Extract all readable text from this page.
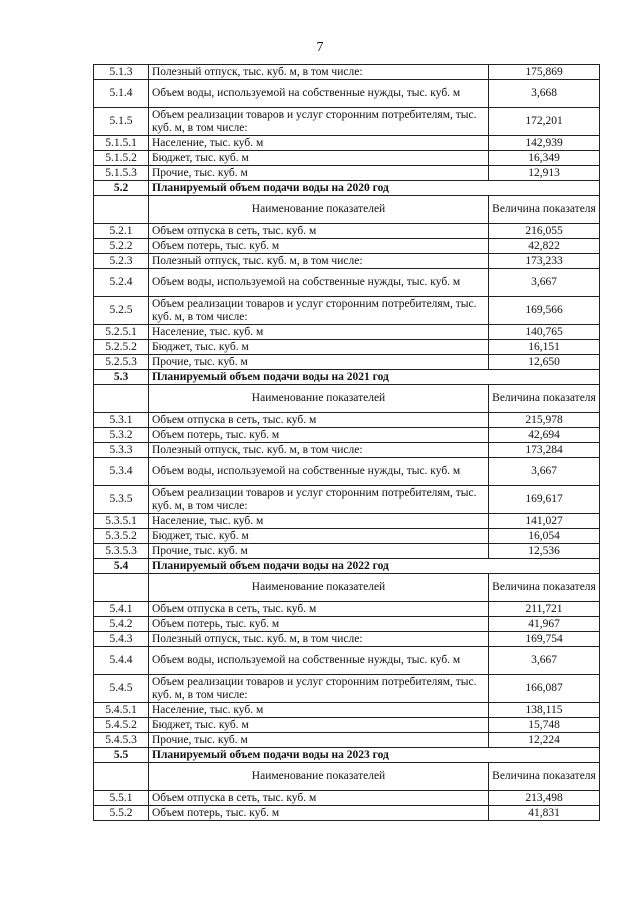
7
5.1.3	Полезный отпуск, тыс. куб. м, в том числе:	175,869
5.1.4	Объем воды, используемой на собственные нужды, тыс. куб. м	3,668
5.1.5	Объем реализации товаров и услуг сторонним потребителям, тыс. куб. м, в том числе:	172,201
5.1.5.1	Население, тыс. куб. м	142,939
5.1.5.2	Бюджет, тыс. куб. м	16,349
5.1.5.3	Прочие, тыс. куб. м	12,913
5.2	Планируемый объем подачи воды на 2020 год	
	Наименование показателей	Величина показателя
5.2.1	Объем отпуска в сеть, тыс. куб. м	216,055
5.2.2	Объем потерь, тыс. куб. м	42,822
5.2.3	Полезный отпуск, тыс. куб. м, в том числе:	173,233
5.2.4	Объем воды, используемой на собственные нужды, тыс. куб. м	3,667
5.2.5	Объем реализации товаров и услуг сторонним потребителям, тыс. куб. м, в том числе:	169,566
5.2.5.1	Население, тыс. куб. м	140,765
5.2.5.2	Бюджет, тыс. куб. м	16,151
5.2.5.3	Прочие, тыс. куб. м	12,650
5.3	Планируемый объем подачи воды на 2021 год	
	Наименование показателей	Величина показателя
5.3.1	Объем отпуска в сеть, тыс. куб. м	215,978
5.3.2	Объем потерь, тыс. куб. м	42,694
5.3.3	Полезный отпуск, тыс. куб. м, в том числе:	173,284
5.3.4	Объем воды, используемой на собственные нужды, тыс. куб. м	3,667
5.3.5	Объем реализации товаров и услуг сторонним потребителям, тыс. куб. м, в том числе:	169,617
5.3.5.1	Население, тыс. куб. м	141,027
5.3.5.2	Бюджет, тыс. куб. м	16,054
5.3.5.3	Прочие, тыс. куб. м	12,536
5.4	Планируемый объем подачи воды на 2022 год	
	Наименование показателей	Величина показателя
5.4.1	Объем отпуска в сеть, тыс. куб. м	211,721
5.4.2	Объем потерь, тыс. куб. м	41,967
5.4.3	Полезный отпуск, тыс. куб. м, в том числе:	169,754
5.4.4	Объем воды, используемой на собственные нужды, тыс. куб. м	3,667
5.4.5	Объем реализации товаров и услуг сторонним потребителям, тыс. куб. м, в том числе:	166,087
5.4.5.1	Население, тыс. куб. м	138,115
5.4.5.2	Бюджет, тыс. куб. м	15,748
5.4.5.3	Прочие, тыс. куб. м	12,224
5.5	Планируемый объем подачи воды на 2023 год	
	Наименование показателей	Величина показателя
5.5.1	Объем отпуска в сеть, тыс. куб. м	213,498
5.5.2	Объем потерь, тыс. куб. м	41,831
